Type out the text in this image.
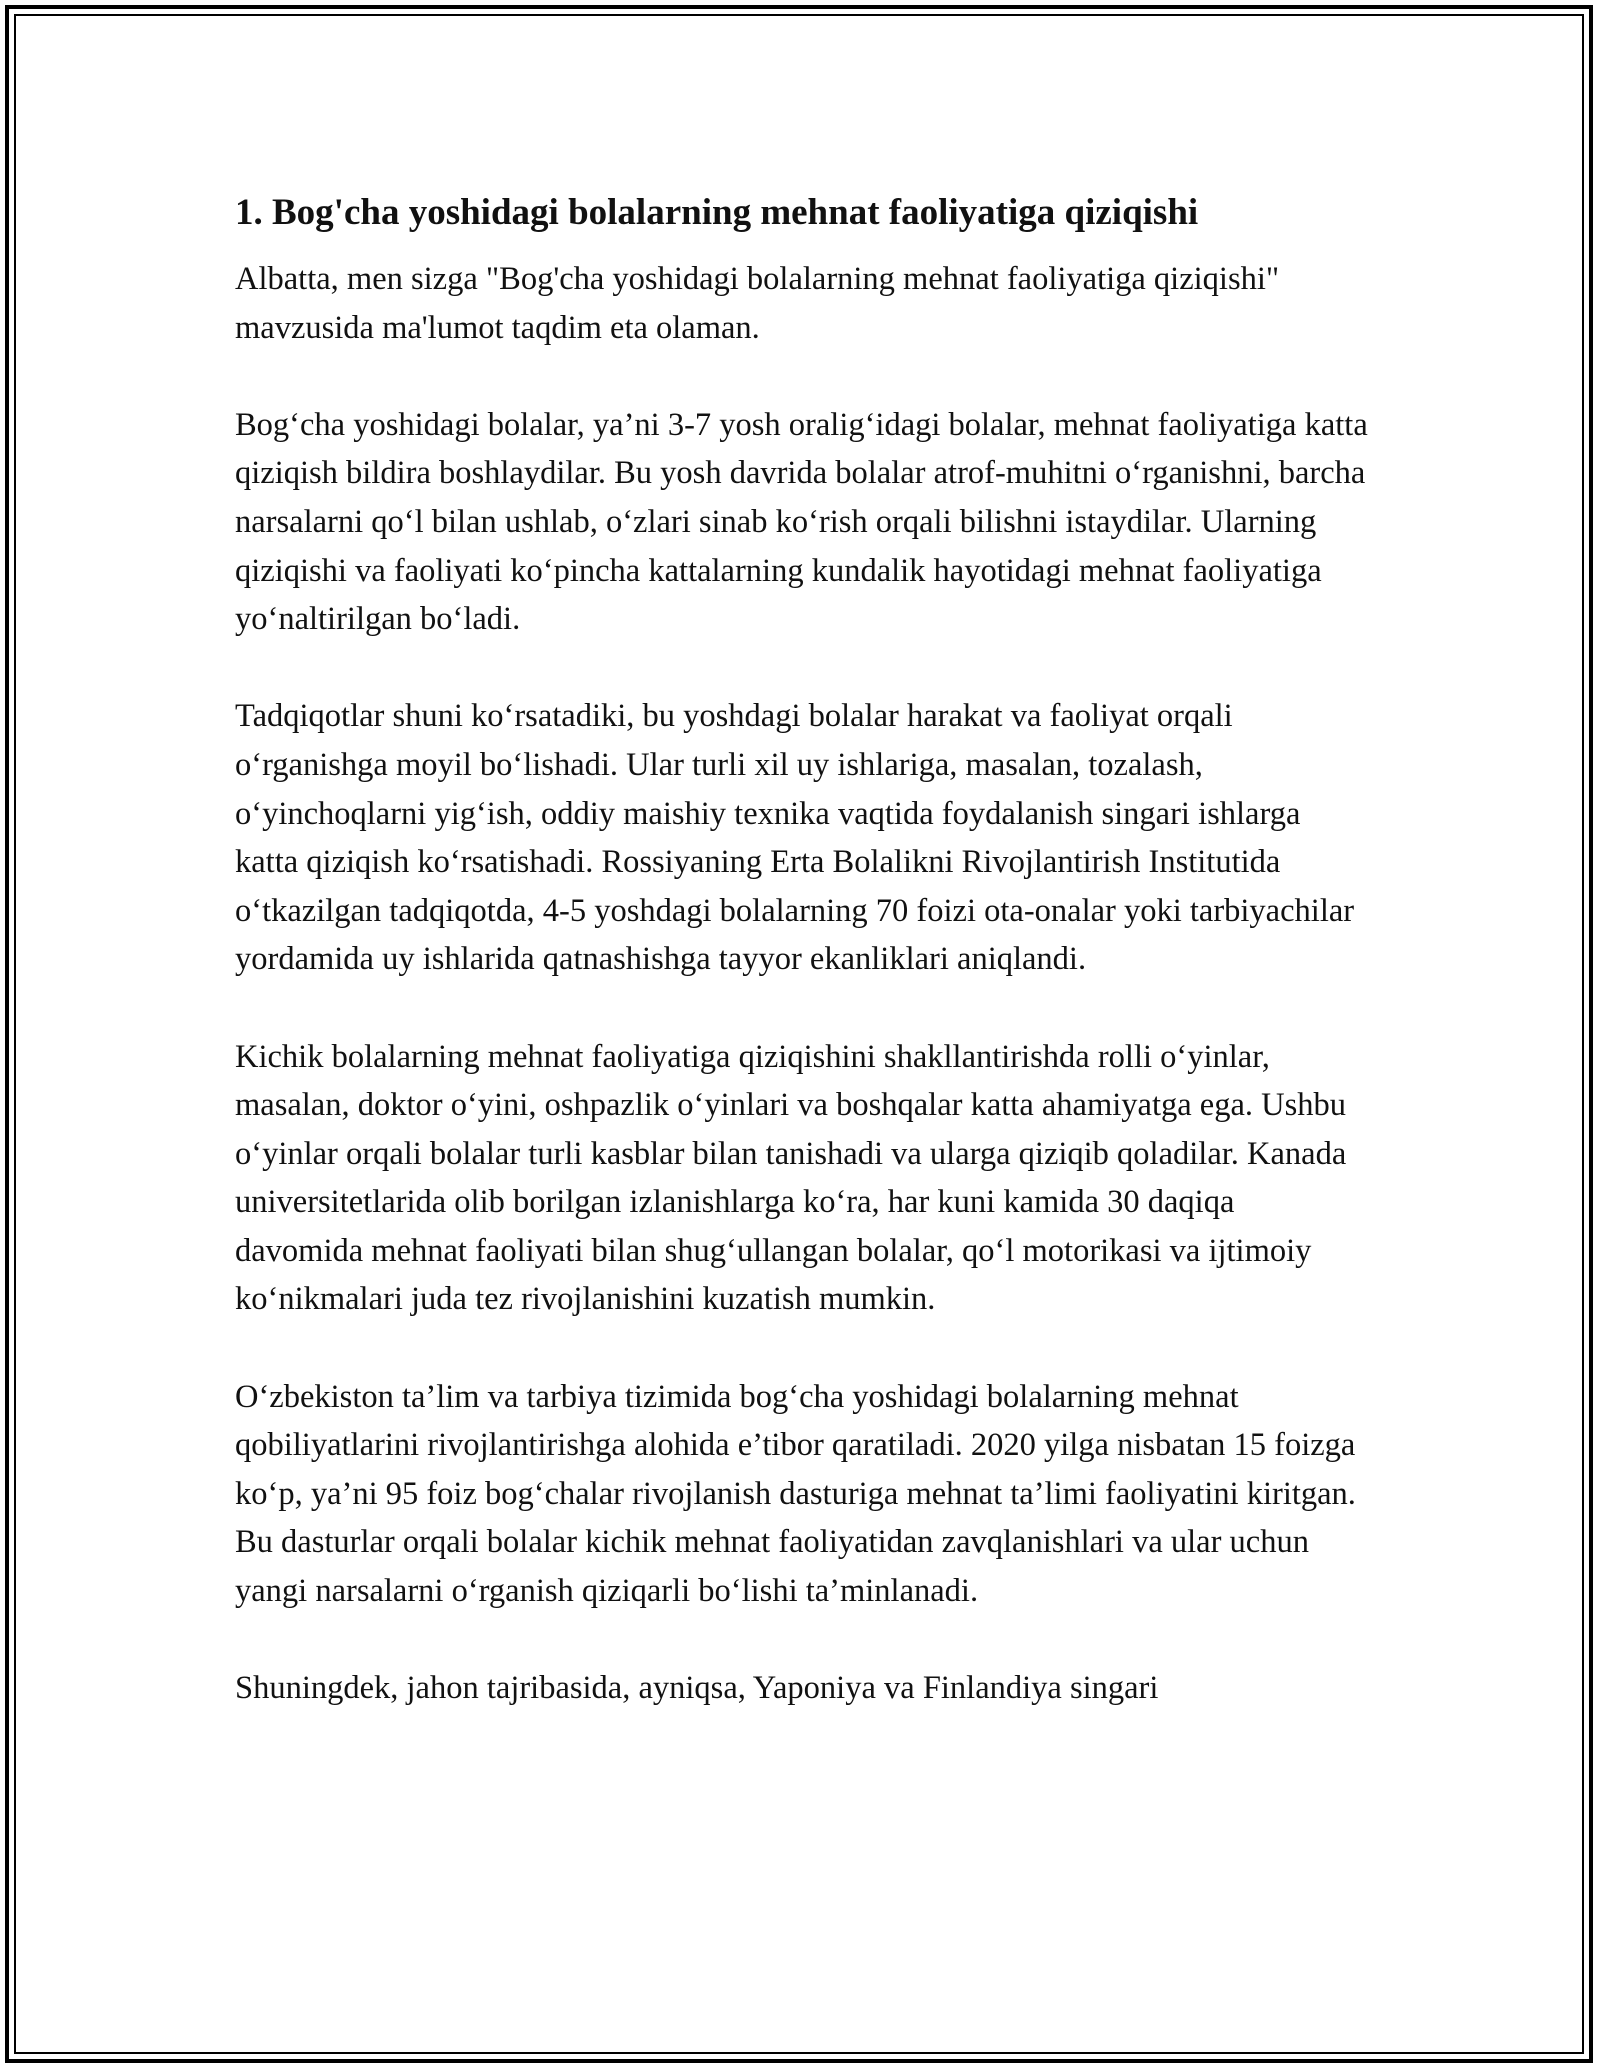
1. Bog'cha yoshidagi bolalarning mehnat faoliyatiga qiziqishi

Albatta, men sizga "Bog'cha yoshidagi bolalarning mehnat faoliyatiga qiziqishi" mavzusida ma'lumot taqdim eta olaman.

Bog‘cha yoshidagi bolalar, ya’ni 3-7 yosh oralig‘idagi bolalar, mehnat faoliyatiga katta qiziqish bildira boshlaydilar. Bu yosh davrida bolalar atrof-muhitni o‘rganishni, barcha narsalarni qo‘l bilan ushlab, o‘zlari sinab ko‘rish orqali bilishni istaydilar. Ularning qiziqishi va faoliyati ko‘pincha kattalarning kundalik hayotidagi mehnat faoliyatiga yo‘naltirilgan bo‘ladi.

Tadqiqotlar shuni ko‘rsatadiki, bu yoshdagi bolalar harakat va faoliyat orqali o‘rganishga moyil bo‘lishadi. Ular turli xil uy ishlariga, masalan, tozalash, o‘yinchoqlarni yig‘ish, oddiy maishiy texnika vaqtida foydalanish singari ishlarga katta qiziqish ko‘rsatishadi. Rossiyaning Erta Bolalikni Rivojlantirish Institutida o‘tkazilgan tadqiqotda, 4-5 yoshdagi bolalarning 70 foizi ota-onalar yoki tarbiyachilar yordamida uy ishlarida qatnashishga tayyor ekanliklari aniqlandi.

Kichik bolalarning mehnat faoliyatiga qiziqishini shakllantirishda rolli o‘yinlar, masalan, doktor o‘yini, oshpazlik o‘yinlari va boshqalar katta ahamiyatga ega. Ushbu o‘yinlar orqali bolalar turli kasblar bilan tanishadi va ularga qiziqib qoladilar. Kanada universitetlarida olib borilgan izlanishlarga ko‘ra, har kuni kamida 30 daqiqa davomida mehnat faoliyati bilan shug‘ullangan bolalar, qo‘l motorikasi va ijtimoiy ko‘nikmalari juda tez rivojlanishini kuzatish mumkin.

O‘zbekiston ta’lim va tarbiya tizimida bog‘cha yoshidagi bolalarning mehnat qobiliyatlarini rivojlantirishga alohida e’tibor qaratiladi. 2020 yilga nisbatan 15 foizga ko‘p, ya’ni 95 foiz bog‘chalar rivojlanish dasturiga mehnat ta’limi faoliyatini kiritgan. Bu dasturlar orqali bolalar kichik mehnat faoliyatidan zavqlanishlari va ular uchun yangi narsalarni o‘rganish qiziqarli bo‘lishi ta’minlanadi.

Shuningdek, jahon tajribasida, ayniqsa, Yaponiya va Finlandiya singari
